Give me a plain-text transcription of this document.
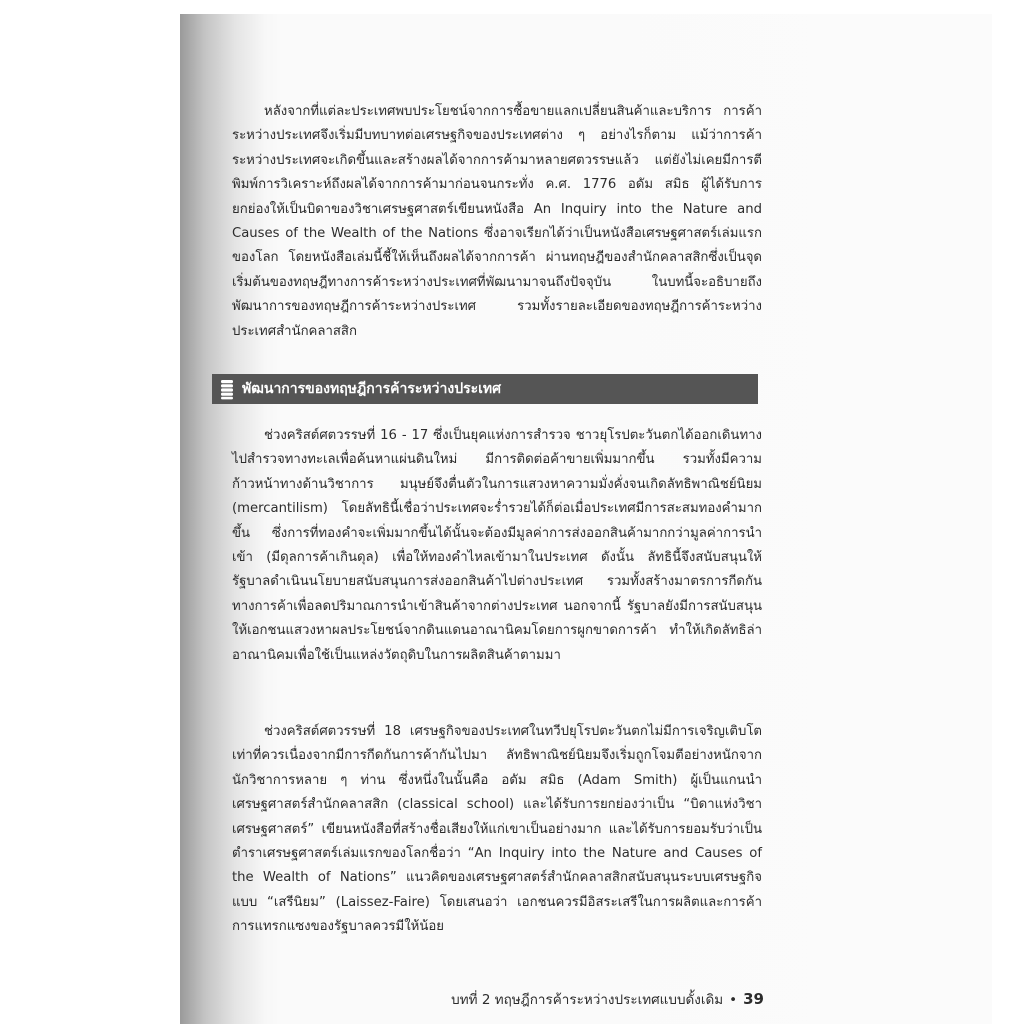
หลังจากที่แต่ละประเทศพบประโยชน์จากการซื้อขายแลกเปลี่ยนสินค้าและบริการ การค้าระหว่างประเทศจึงเริ่มมีบทบาทต่อเศรษฐกิจของประเทศต่าง ๆ อย่างไรก็ตาม แม้ว่าการค้าระหว่างประเทศจะเกิดขึ้นและสร้างผลได้จากการค้ามาหลายศตวรรษแล้ว แต่ยังไม่เคยมีการตีพิมพ์การวิเคราะห์ถึงผลได้จากการค้ามาก่อนจนกระทั่ง ค.ศ. 1776 อดัม สมิธ ผู้ได้รับการยกย่องให้เป็นบิดาของวิชาเศรษฐศาสตร์เขียนหนังสือ An Inquiry into the Nature and Causes of the Wealth of the Nations ซึ่งอาจเรียกได้ว่าเป็นหนังสือเศรษฐศาสตร์เล่มแรกของโลก โดยหนังสือเล่มนี้ชี้ให้เห็นถึงผลได้จากการค้า ผ่านทฤษฎีของสำนักคลาสสิกซึ่งเป็นจุดเริ่มต้นของทฤษฎีทางการค้าระหว่างประเทศที่พัฒนามาจนถึงปัจจุบัน ในบทนี้จะอธิบายถึงพัฒนาการของทฤษฎีการค้าระหว่างประเทศ รวมทั้งรายละเอียดของทฤษฎีการค้าระหว่างประเทศสำนักคลาสสิก

พัฒนาการของทฤษฎีการค้าระหว่างประเทศ

ช่วงคริสต์ศตวรรษที่ 16 - 17 ซึ่งเป็นยุคแห่งการสำรวจ ชาวยุโรปตะวันตกได้ออกเดินทางไปสำรวจทางทะเลเพื่อค้นหาแผ่นดินใหม่ มีการติดต่อค้าขายเพิ่มมากขึ้น รวมทั้งมีความก้าวหน้าทางด้านวิชาการ มนุษย์จึงตื่นตัวในการแสวงหาความมั่งคั่งจนเกิดลัทธิพาณิชย์นิยม (mercantilism) โดยลัทธินี้เชื่อว่าประเทศจะร่ำรวยได้ก็ต่อเมื่อประเทศมีการสะสมทองคำมากขึ้น ซึ่งการที่ทองคำจะเพิ่มมากขึ้นได้นั้นจะต้องมีมูลค่าการส่งออกสินค้ามากกว่ามูลค่าการนำเข้า (มีดุลการค้าเกินดุล) เพื่อให้ทองคำไหลเข้ามาในประเทศ ดังนั้น ลัทธินี้จึงสนับสนุนให้รัฐบาลดำเนินนโยบายสนับสนุนการส่งออกสินค้าไปต่างประเทศ รวมทั้งสร้างมาตรการกีดกันทางการค้าเพื่อลดปริมาณการนำเข้าสินค้าจากต่างประเทศ นอกจากนี้ รัฐบาลยังมีการสนับสนุนให้เอกชนแสวงหาผลประโยชน์จากดินแดนอาณานิคมโดยการผูกขาดการค้า ทำให้เกิดลัทธิล่าอาณานิคมเพื่อใช้เป็นแหล่งวัตถุดิบในการผลิตสินค้าตามมา

ช่วงคริสต์ศตวรรษที่ 18 เศรษฐกิจของประเทศในทวีปยุโรปตะวันตกไม่มีการเจริญเติบโตเท่าที่ควรเนื่องจากมีการกีดกันการค้ากันไปมา ลัทธิพาณิชย์นิยมจึงเริ่มถูกโจมตีอย่างหนักจากนักวิชาการหลาย ๆ ท่าน ซึ่งหนึ่งในนั้นคือ อดัม สมิธ (Adam Smith) ผู้เป็นแกนนำเศรษฐศาสตร์สำนักคลาสสิก (classical school) และได้รับการยกย่องว่าเป็น “บิดาแห่งวิชาเศรษฐศาสตร์” เขียนหนังสือที่สร้างชื่อเสียงให้แก่เขาเป็นอย่างมาก และได้รับการยอมรับว่าเป็นตำราเศรษฐศาสตร์เล่มแรกของโลกชื่อว่า “An Inquiry into the Nature and Causes of the Wealth of Nations” แนวคิดของเศรษฐศาสตร์สำนักคลาสสิกสนับสนุนระบบเศรษฐกิจแบบ “เสรีนิยม” (Laissez-Faire) โดยเสนอว่า เอกชนควรมีอิสระเสรีในการผลิตและการค้า การแทรกแซงของรัฐบาลควรมีให้น้อย

บทที่ 2 ทฤษฎีการค้าระหว่างประเทศแบบดั้งเดิม • 39
